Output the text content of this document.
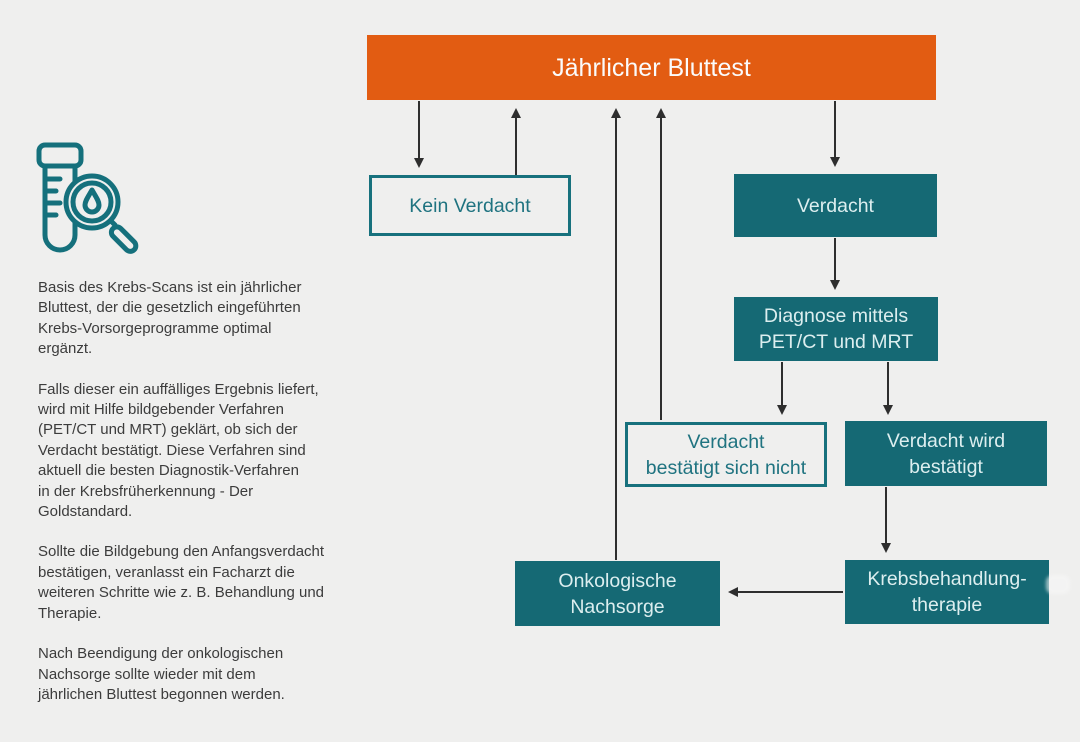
Basis des Krebs-Scans ist ein jährlicher
Bluttest, der die gesetzlich eingeführten
Krebs-Vorsorgeprogramme optimal
ergänzt.

Falls dieser ein auffälliges Ergebnis liefert,
wird mit Hilfe bildgebender Verfahren
(PET/CT und MRT) geklärt, ob sich der
Verdacht bestätigt. Diese Verfahren sind
aktuell die besten Diagnostik-Verfahren
in der Krebsfrüherkennung - Der
Goldstandard.

Sollte die Bildgebung den Anfangsverdacht
bestätigen, veranlasst ein Facharzt die
weiteren Schritte wie z. B. Behandlung und
Therapie.

Nach Beendigung der onkologischen
Nachsorge sollte wieder mit dem
jährlichen Bluttest begonnen werden.

Jährlicher Bluttest
Kein Verdacht	Verdacht
Diagnose mittels
PET/CT und MRT
Verdacht
bestätigt sich nicht
Verdacht wird
bestätigt
Onkologische
Nachsorge
Krebsbehandlung-
therapie
